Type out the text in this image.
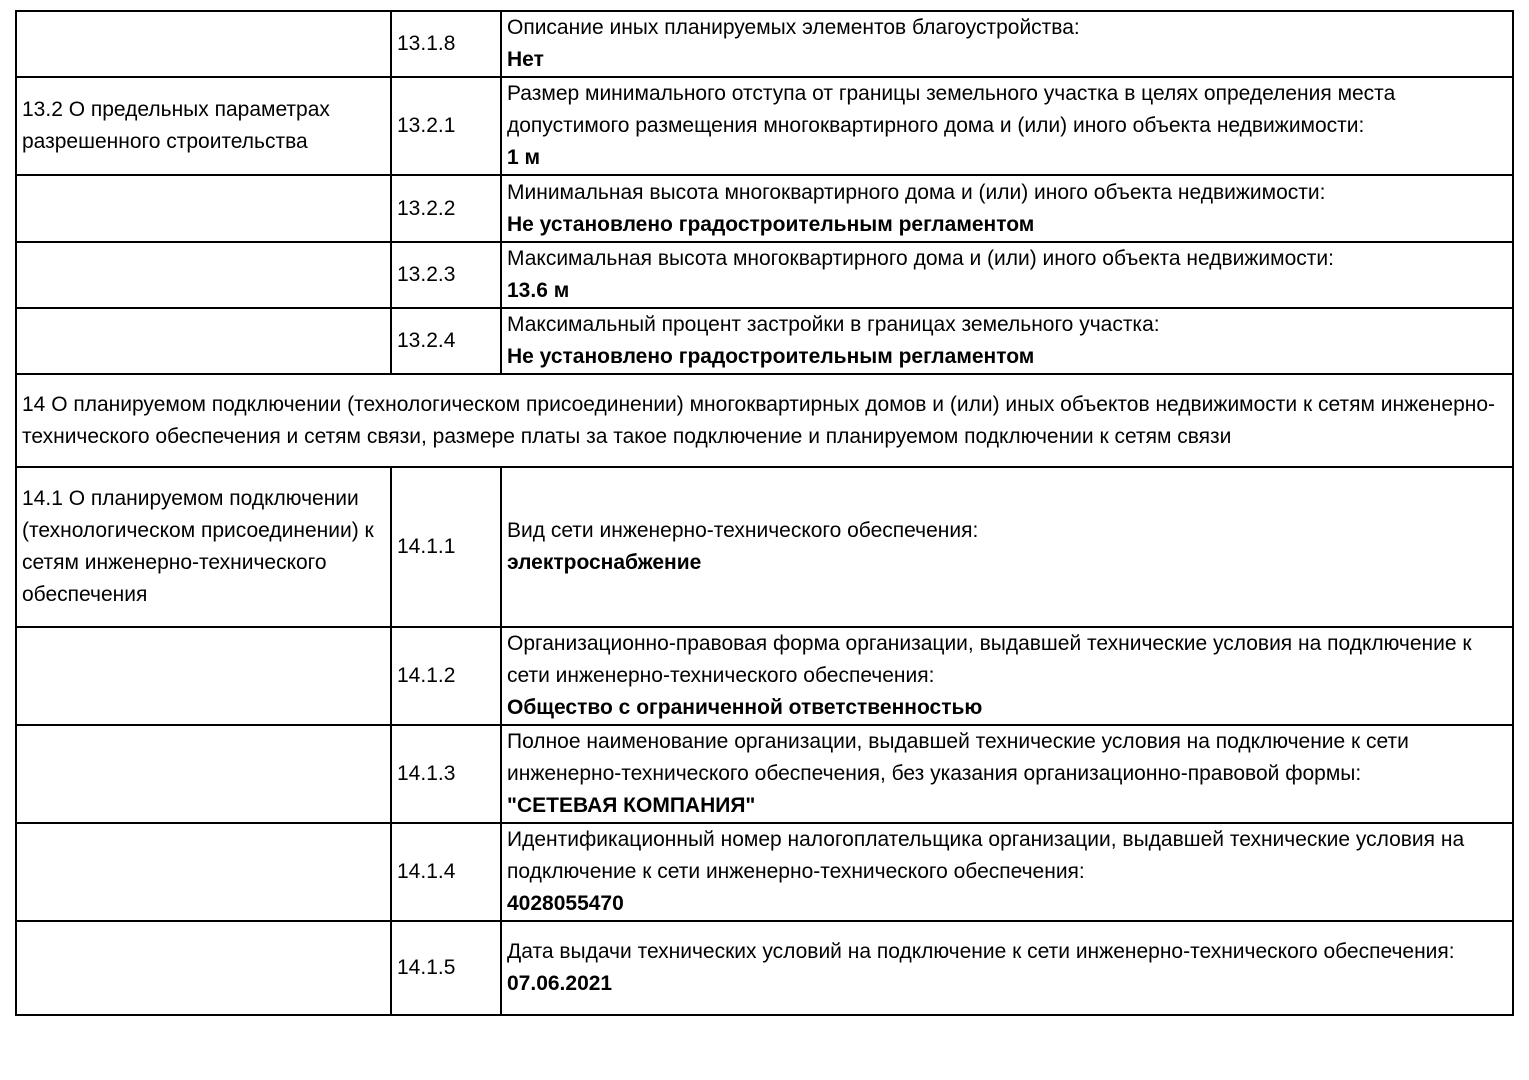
	13.1.8	Описание иных планируемых элементов благоустройства:
Нет

13.2 О предельных параметрах разрешенного строительства	13.2.1	Размер минимального отступа от границы земельного участка в целях определения места допустимого размещения многоквартирного дома и (или) иного объекта недвижимости:
1 м

	13.2.2	Минимальная высота многоквартирного дома и (или) иного объекта недвижимости:
Не установлено градостроительным регламентом

	13.2.3	Максимальная высота многоквартирного дома и (или) иного объекта недвижимости:
13.6 м

	13.2.4	Максимальный процент застройки в границах земельного участка:
Не установлено градостроительным регламентом

14 О планируемом подключении (технологическом присоединении) многоквартирных домов и (или) иных объектов недвижимости к сетям инженерно-технического обеспечения и сетям связи, размере платы за такое подключение и планируемом подключении к сетям связи		
14.1 О планируемом подключении (технологическом присоединении) к сетям инженерно-технического обеспечения	14.1.1	Вид сети инженерно-технического обеспечения:
электроснабжение

	14.1.2	Организационно-правовая форма организации, выдавшей технические условия на подключение к сети инженерно-технического обеспечения:
Общество с ограниченной ответственностью

	14.1.3	Полное наименование организации, выдавшей технические условия на подключение к сети инженерно-технического обеспечения, без указания организационно-правовой формы:
"СЕТЕВАЯ КОМПАНИЯ"

	14.1.4	Идентификационный номер налогоплательщика организации, выдавшей технические условия на подключение к сети инженерно-технического обеспечения:
4028055470

	14.1.5	Дата выдачи технических условий на подключение к сети инженерно-технического обеспечения:
07.06.2021
